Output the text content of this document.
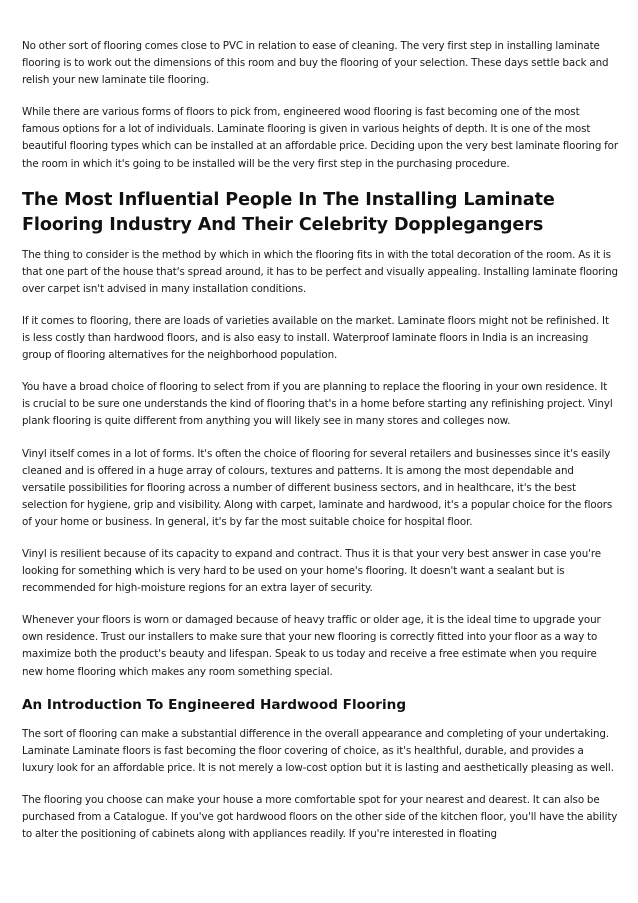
No other sort of flooring comes close to PVC in relation to ease of cleaning. The very first step in installing laminate flooring is to work out the dimensions of this room and buy the flooring of your selection. These days settle back and relish your new laminate tile flooring.

While there are various forms of floors to pick from, engineered wood flooring is fast becoming one of the most famous options for a lot of individuals. Laminate flooring is given in various heights of depth. It is one of the most beautiful flooring types which can be installed at an affordable price. Deciding upon the very best laminate flooring for the room in which it's going to be installed will be the very first step in the purchasing procedure.

The Most Influential People In The Installing Laminate Flooring Industry And Their Celebrity Dopplegangers

The thing to consider is the method by which in which the flooring fits in with the total decoration of the room. As it is that one part of the house that's spread around, it has to be perfect and visually appealing. Installing laminate flooring over carpet isn't advised in many installation conditions.

If it comes to flooring, there are loads of varieties available on the market. Laminate floors might not be refinished. It is less costly than hardwood floors, and is also easy to install. Waterproof laminate floors in India is an increasing group of flooring alternatives for the neighborhood population.

You have a broad choice of flooring to select from if you are planning to replace the flooring in your own residence. It is crucial to be sure one understands the kind of flooring that's in a home before starting any refinishing project. Vinyl plank flooring is quite different from anything you will likely see in many stores and colleges now.

Vinyl itself comes in a lot of forms. It's often the choice of flooring for several retailers and businesses since it's easily cleaned and is offered in a huge array of colours, textures and patterns. It is among the most dependable and versatile possibilities for flooring across a number of different business sectors, and in healthcare, it's the best selection for hygiene, grip and visibility. Along with carpet, laminate and hardwood, it's a popular choice for the floors of your home or business. In general, it's by far the most suitable choice for hospital floor.

Vinyl is resilient because of its capacity to expand and contract. Thus it is that your very best answer in case you're looking for something which is very hard to be used on your home's flooring. It doesn't want a sealant but is recommended for high-moisture regions for an extra layer of security.

Whenever your floors is worn or damaged because of heavy traffic or older age, it is the ideal time to upgrade your own residence. Trust our installers to make sure that your new flooring is correctly fitted into your floor as a way to maximize both the product's beauty and lifespan. Speak to us today and receive a free estimate when you require new home flooring which makes any room something special.

An Introduction To Engineered Hardwood Flooring

The sort of flooring can make a substantial difference in the overall appearance and completing of your undertaking. Laminate Laminate floors is fast becoming the floor covering of choice, as it's healthful, durable, and provides a luxury look for an affordable price. It is not merely a low-cost option but it is lasting and aesthetically pleasing as well.

The flooring you choose can make your house a more comfortable spot for your nearest and dearest. It can also be purchased from a Catalogue. If you've got hardwood floors on the other side of the kitchen floor, you'll have the ability to alter the positioning of cabinets along with appliances readily. If you're interested in floating
